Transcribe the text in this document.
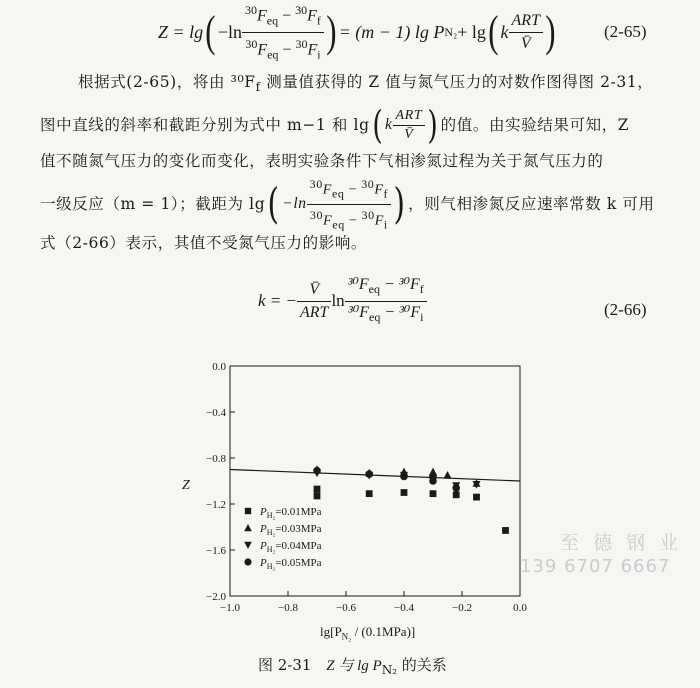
Z = lg ( $-\ln \frac{^{30}F_{eq} - ^{30}F_f}{^{30}F_{eq} - ^{30}F_i}$ ) = (m − 1) lg P N₂ + lg ( k $\frac{\text{ART}}{V̄}$ )	(2-65)

根据式(2-65)，将由 $^{30}F_f$ 测量值获得的 Z 值与氮气压力的对数作图得图 2-31，

图中直线的斜率和截距分别为式中 m−1 和 lg ( k $\frac{\text{ART}}{V̄}$ ) 的值。由实验结果可知，Z

值不随氮气压力的变化而变化，表明实验条件下气相渗氮过程为关于氮气压力的

一级反应（m = 1）；截距为 lg ( $-\ln \frac{^{30}F_{eq} - ^{30}F_f}{^{30}F_{eq} - ^{30}F_i}$ ) ，则气相渗氮反应速率常数 k 可用

式（2-66）表示，其值不受氮气压力的影响。

k = − $\frac{V̄}{\text{ART}}$ $\ln \frac{^{30}F_{eq} - ^{30}F_f}{^{30}F_{eq} - ^{30}F_i}$	(2-66)
−1.0	−0.8	−0.6	−0.4	−0.2	0.0
0.0
−0.4
−0.8
−1.2
−1.6
−2.0
$P_{H_2}=0.01MPa$
$P_{H_2}=0.03MPa$
$P_{H_2}=0.04MPa$
$P_{H_2}=0.05MPa$
Z
$\lg[P_{N_2} / (0.1MPa)]$
图 2-31 Z 与 $\lg P_{N_2}$ 的关系
至 德 钢 业
139 6707 6667
